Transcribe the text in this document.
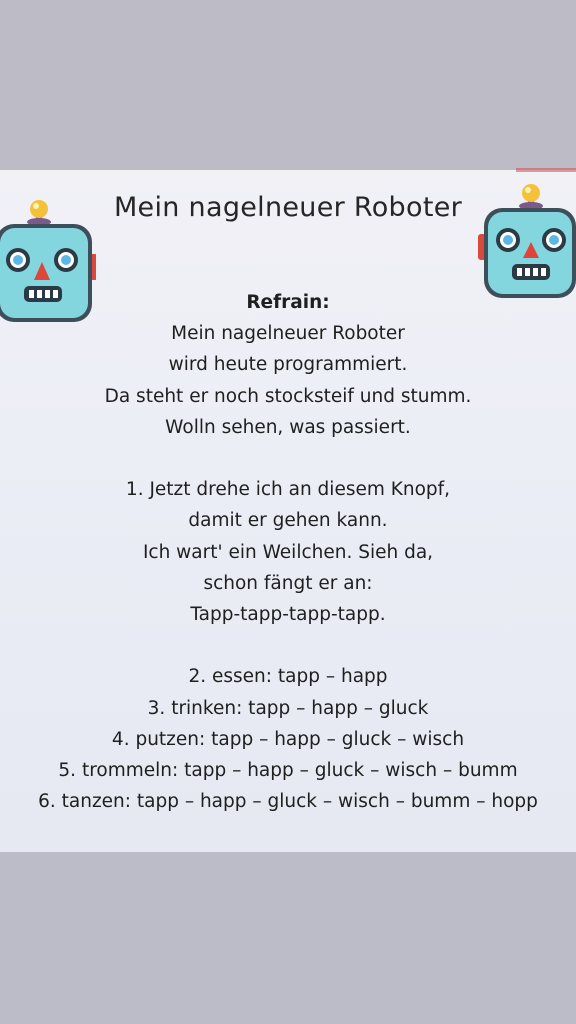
Mein nagelneuer Roboter
Refrain:
Mein nagelneuer Roboter
wird heute programmiert.
Da steht er noch stocksteif und stumm.
Wolln sehen, was passiert.
1. Jetzt drehe ich an diesem Knopf,
damit er gehen kann.
Ich wart' ein Weilchen. Sieh da,
schon fängt er an:
Tapp-tapp-tapp-tapp.
2. essen: tapp – happ
3. trinken: tapp – happ – gluck
4. putzen: tapp – happ – gluck – wisch
5. trommeln: tapp – happ – gluck – wisch – bumm
6. tanzen: tapp – happ – gluck – wisch – bumm – hopp
